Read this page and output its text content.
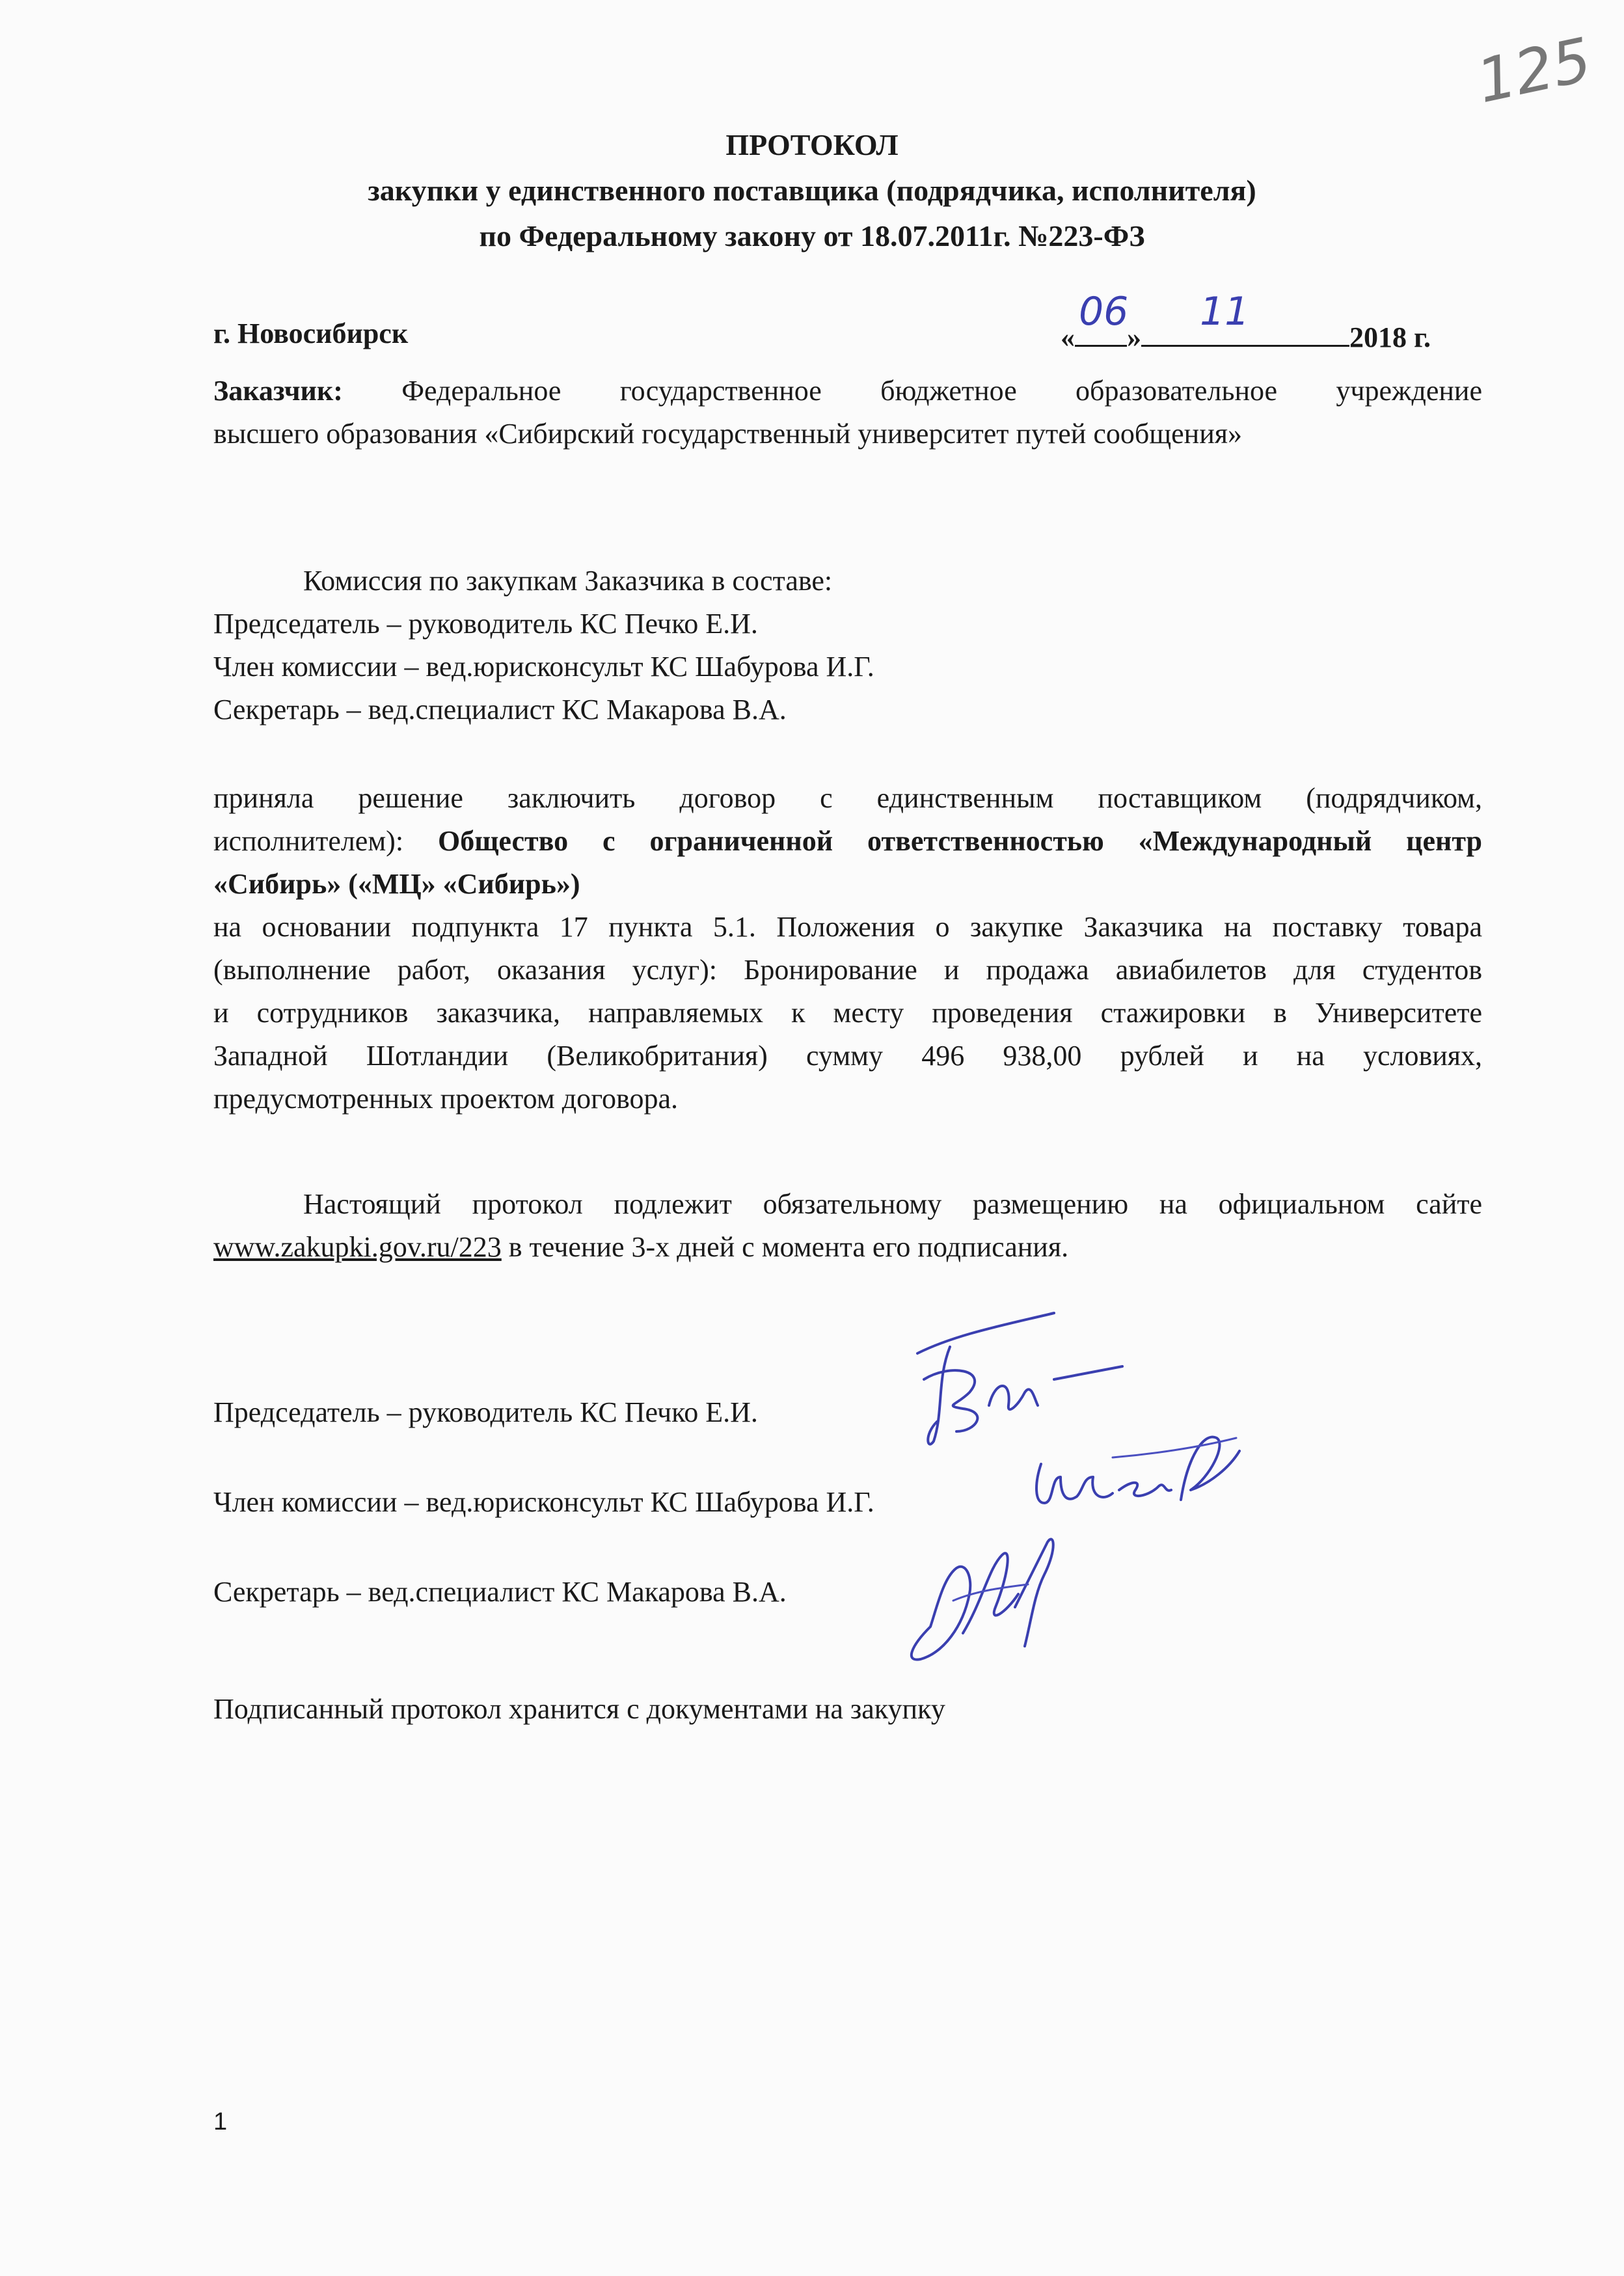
125
ПРОТОКОЛ
закупки у единственного поставщика (подрядчика, исполнителя)
по Федеральному закону от 18.07.2011г. №223-ФЗ
г. Новосибирск	«
06
»
11
2018 г.
Заказчик: Федеральное государственное бюджетное образовательное учреждение
высшего образования «Сибирский государственный университет путей сообщения»
Комиссия по закупкам Заказчика в составе:
Председатель – руководитель КС Печко Е.И.
Член комиссии – вед.юрисконсульт КС Шабурова И.Г.
Секретарь – вед.специалист КС Макарова В.А.
приняла решение заключить договор с единственным поставщиком (подрядчиком,
исполнителем): Общество с ограниченной ответственностью «Международный центр
«Сибирь» («МЦ» «Сибирь»)
на основании подпункта 17 пункта 5.1. Положения о закупке Заказчика на поставку товара
(выполнение работ, оказания услуг): Бронирование и продажа авиабилетов для студентов
и сотрудников заказчика, направляемых к месту проведения стажировки в Университете
Западной Шотландии (Великобритания) сумму 496 938,00 рублей и на условиях,
предусмотренных проектом договора.
Настоящий протокол подлежит обязательному размещению на официальном сайте
www.zakupki.gov.ru/223 в течение 3-х дней с момента его подписания.
Председатель – руководитель КС Печко Е.И.
Член комиссии – вед.юрисконсульт КС Шабурова И.Г.
Секретарь – вед.специалист КС Макарова В.А.
Подписанный протокол хранится с документами на закупку
1
